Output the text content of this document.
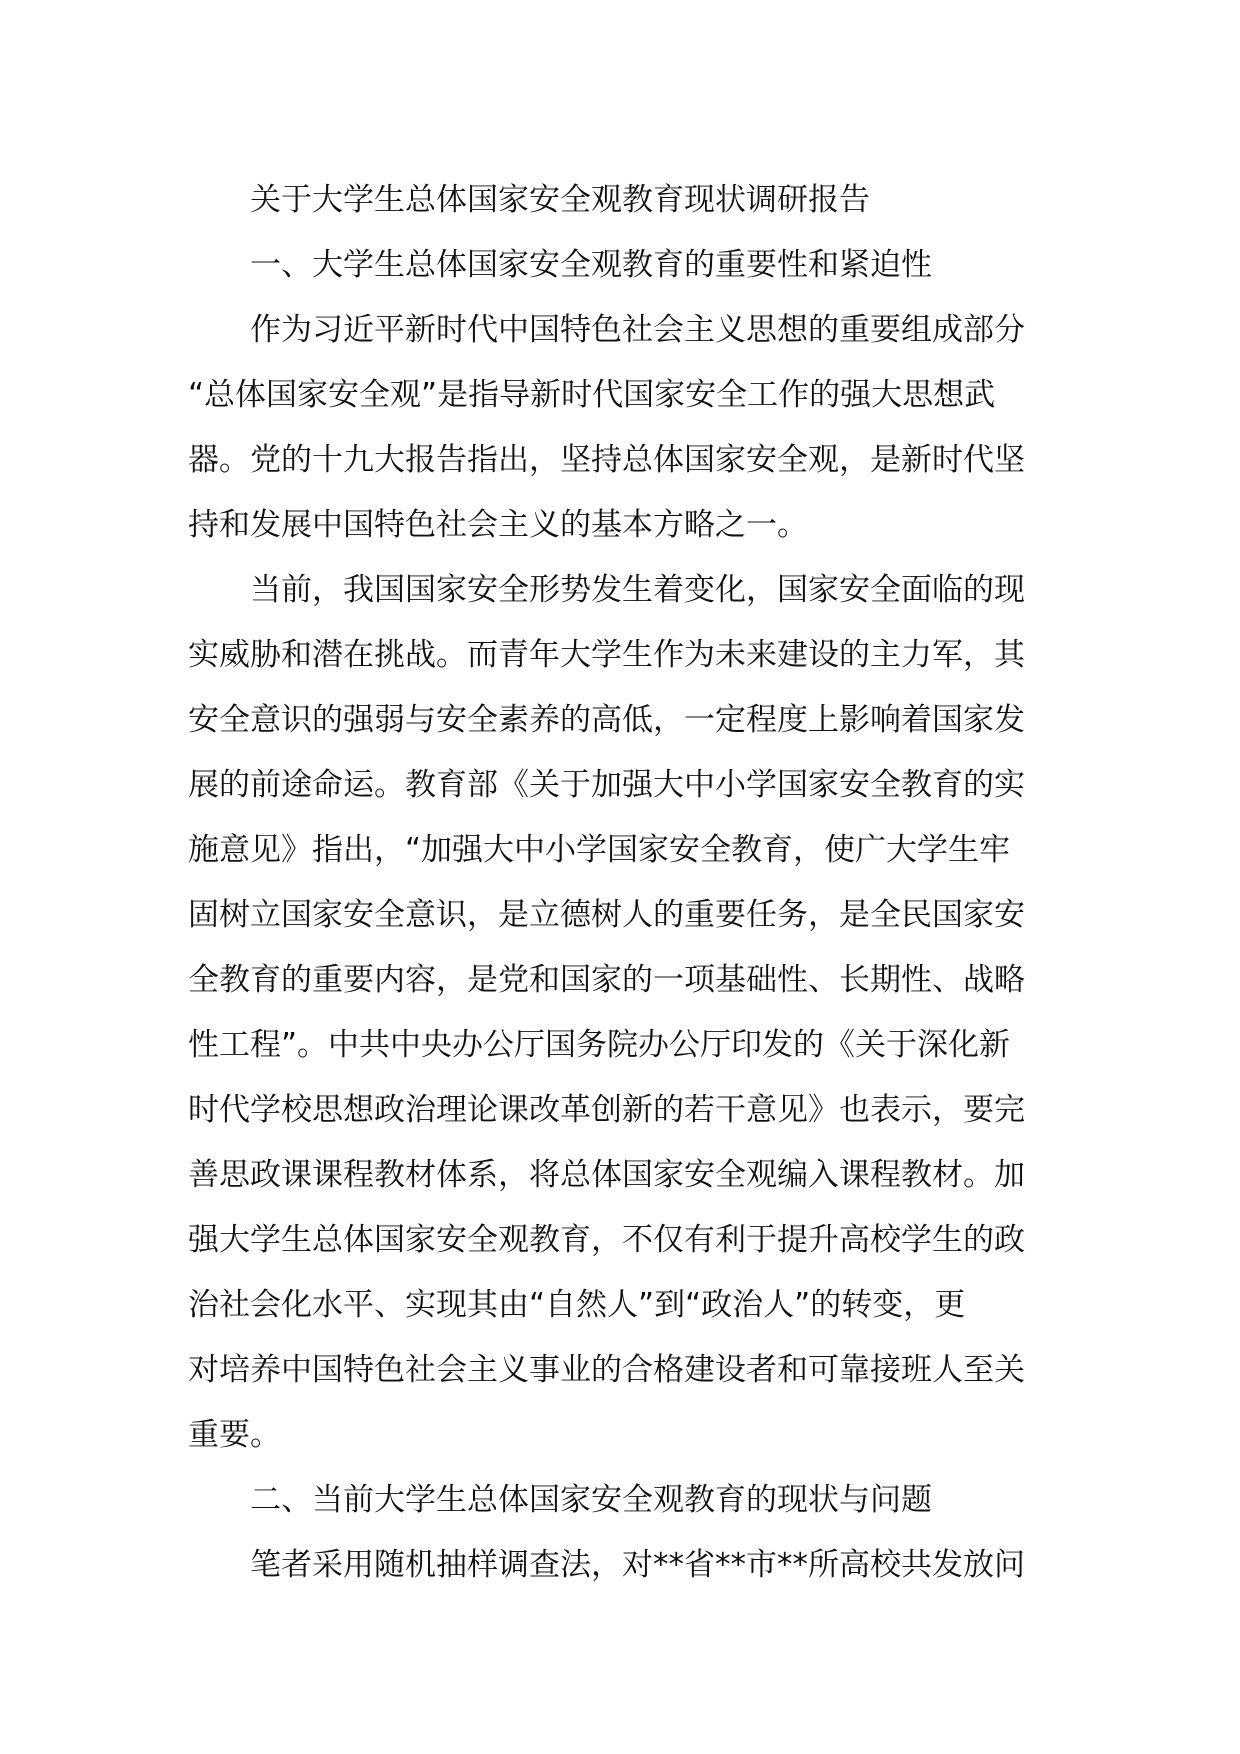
关于大学生总体国家安全观教育现状调研报告
一、大学生总体国家安全观教育的重要性和紧迫性
作为习近平新时代中国特色社会主义思想的重要组成部分
“总体国家安全观”是指导新时代国家安全工作的强大思想武
器。党的十九大报告指出，坚持总体国家安全观，是新时代坚
持和发展中国特色社会主义的基本方略之一。
当前，我国国家安全形势发生着变化，国家安全面临的现
实威胁和潜在挑战。而青年大学生作为未来建设的主力军，其
安全意识的强弱与安全素养的高低，一定程度上影响着国家发
展的前途命运。教育部《关于加强大中小学国家安全教育的实
施意见》指出，“加强大中小学国家安全教育，使广大学生牢
固树立国家安全意识，是立德树人的重要任务，是全民国家安
全教育的重要内容，是党和国家的一项基础性、长期性、战略
性工程”。中共中央办公厅国务院办公厅印发的《关于深化新
时代学校思想政治理论课改革创新的若干意见》也表示，要完
善思政课课程教材体系，将总体国家安全观编入课程教材。加
强大学生总体国家安全观教育，不仅有利于提升高校学生的政
治社会化水平、实现其由“自然人”到“政治人”的转变，更
对培养中国特色社会主义事业的合格建设者和可靠接班人至关
重要。
二、当前大学生总体国家安全观教育的现状与问题
笔者采用随机抽样调查法，对**省**市**所高校共发放问
